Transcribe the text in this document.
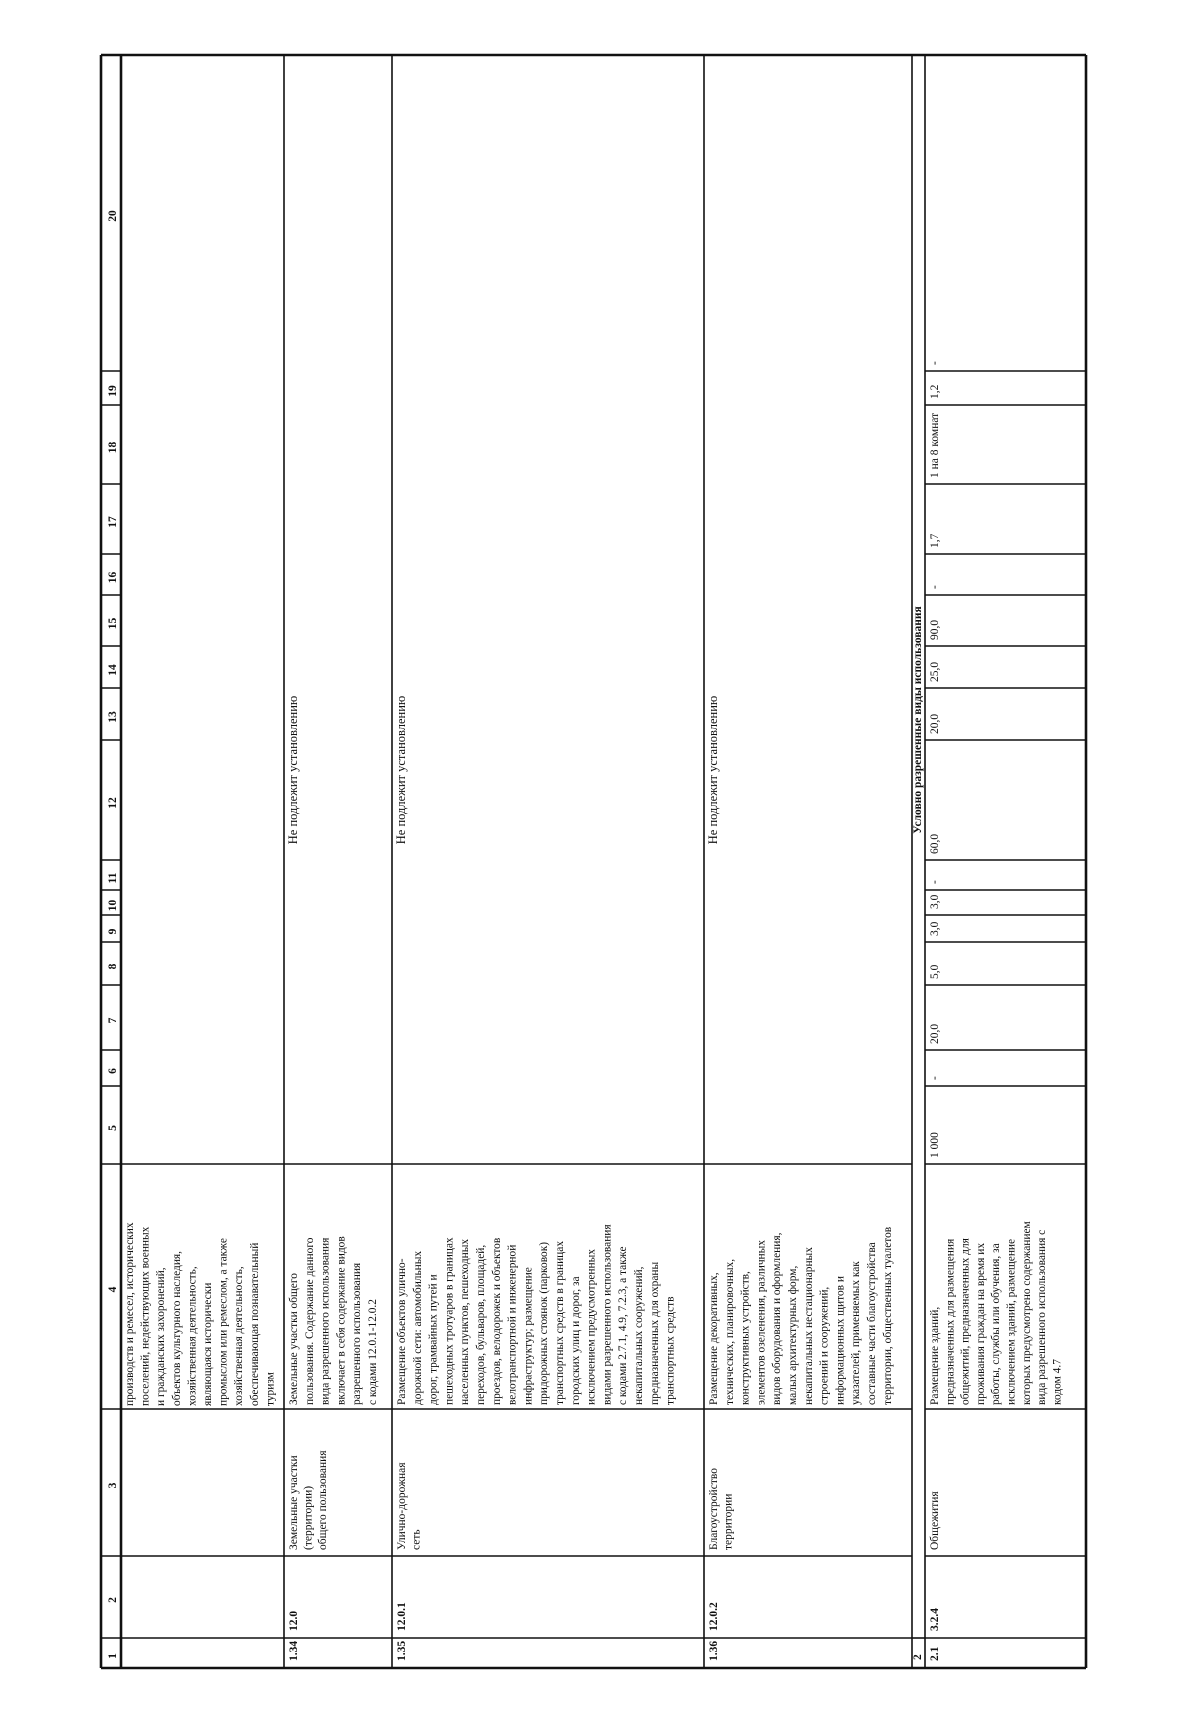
1
2
3
4
5
6
7
8
9
10
11
12
13
14
15
16
17
18
19
20
производств и ремесел, исторических поселений, недействующих военных и гражданских захоронений, объектов культурного наследия, хозяйственная деятельность, являющаяся исторически промыслом или ремеслом, а также хозяйственная деятельность, обеспечивающая познавательный туризм
1.34
12.0
Земельные участки (территории) общего пользования
Земельные участки общего пользования. Содержание данного вида разрешенного использования включает в себя содержание видов разрешенного использования с кодами 12.0.1-12.0.2
Не подлежит установлению
1.35
12.0.1
Улично-дорожная сеть
Размещение объектов улично- дорожной сети: автомобильных дорог, трамвайных путей и пешеходных тротуаров в границах населенных пунктов, пешеходных переходов, бульваров, площадей, проездов, велодорожек и объектов велотранспортной и инженерной инфраструктур; размещение придорожных стоянок (парковок) транспортных средств в границах городских улиц и дорог, за исключением предусмотренных видами разрешенного использования с кодами 2.7.1, 4.9, 7.2.3, а также некапитальных сооружений, предназначенных для охраны транспортных средств
Не подлежит установлению
1.36
12.0.2
Благоустройство территории
Размещение декоративных, технических, планировочных, конструктивных устройств, элементов озеленения, различных видов оборудования и оформления, малых архитектурных форм, некапитальных нестационарных строений и сооружений, информационных щитов и указателей, применяемых как составные части благоустройства территории, общественных туалетов
Не подлежит установлению
2
Условно разрешенные виды использования
2.1
3.2.4
Общежития
Размещение зданий, предназначенных для размещения общежитий, предназначенных для проживания граждан на время их работы, службы или обучения, за исключением зданий, размещение которых предусмотрено содержанием вида разрешенного использования с кодом 4.7
1 000
-
20,0
5,0
3,0
3,0
-
60,0
20,0
25,0
90,0
-
1,7
1 на 8 комнат
1,2
-
